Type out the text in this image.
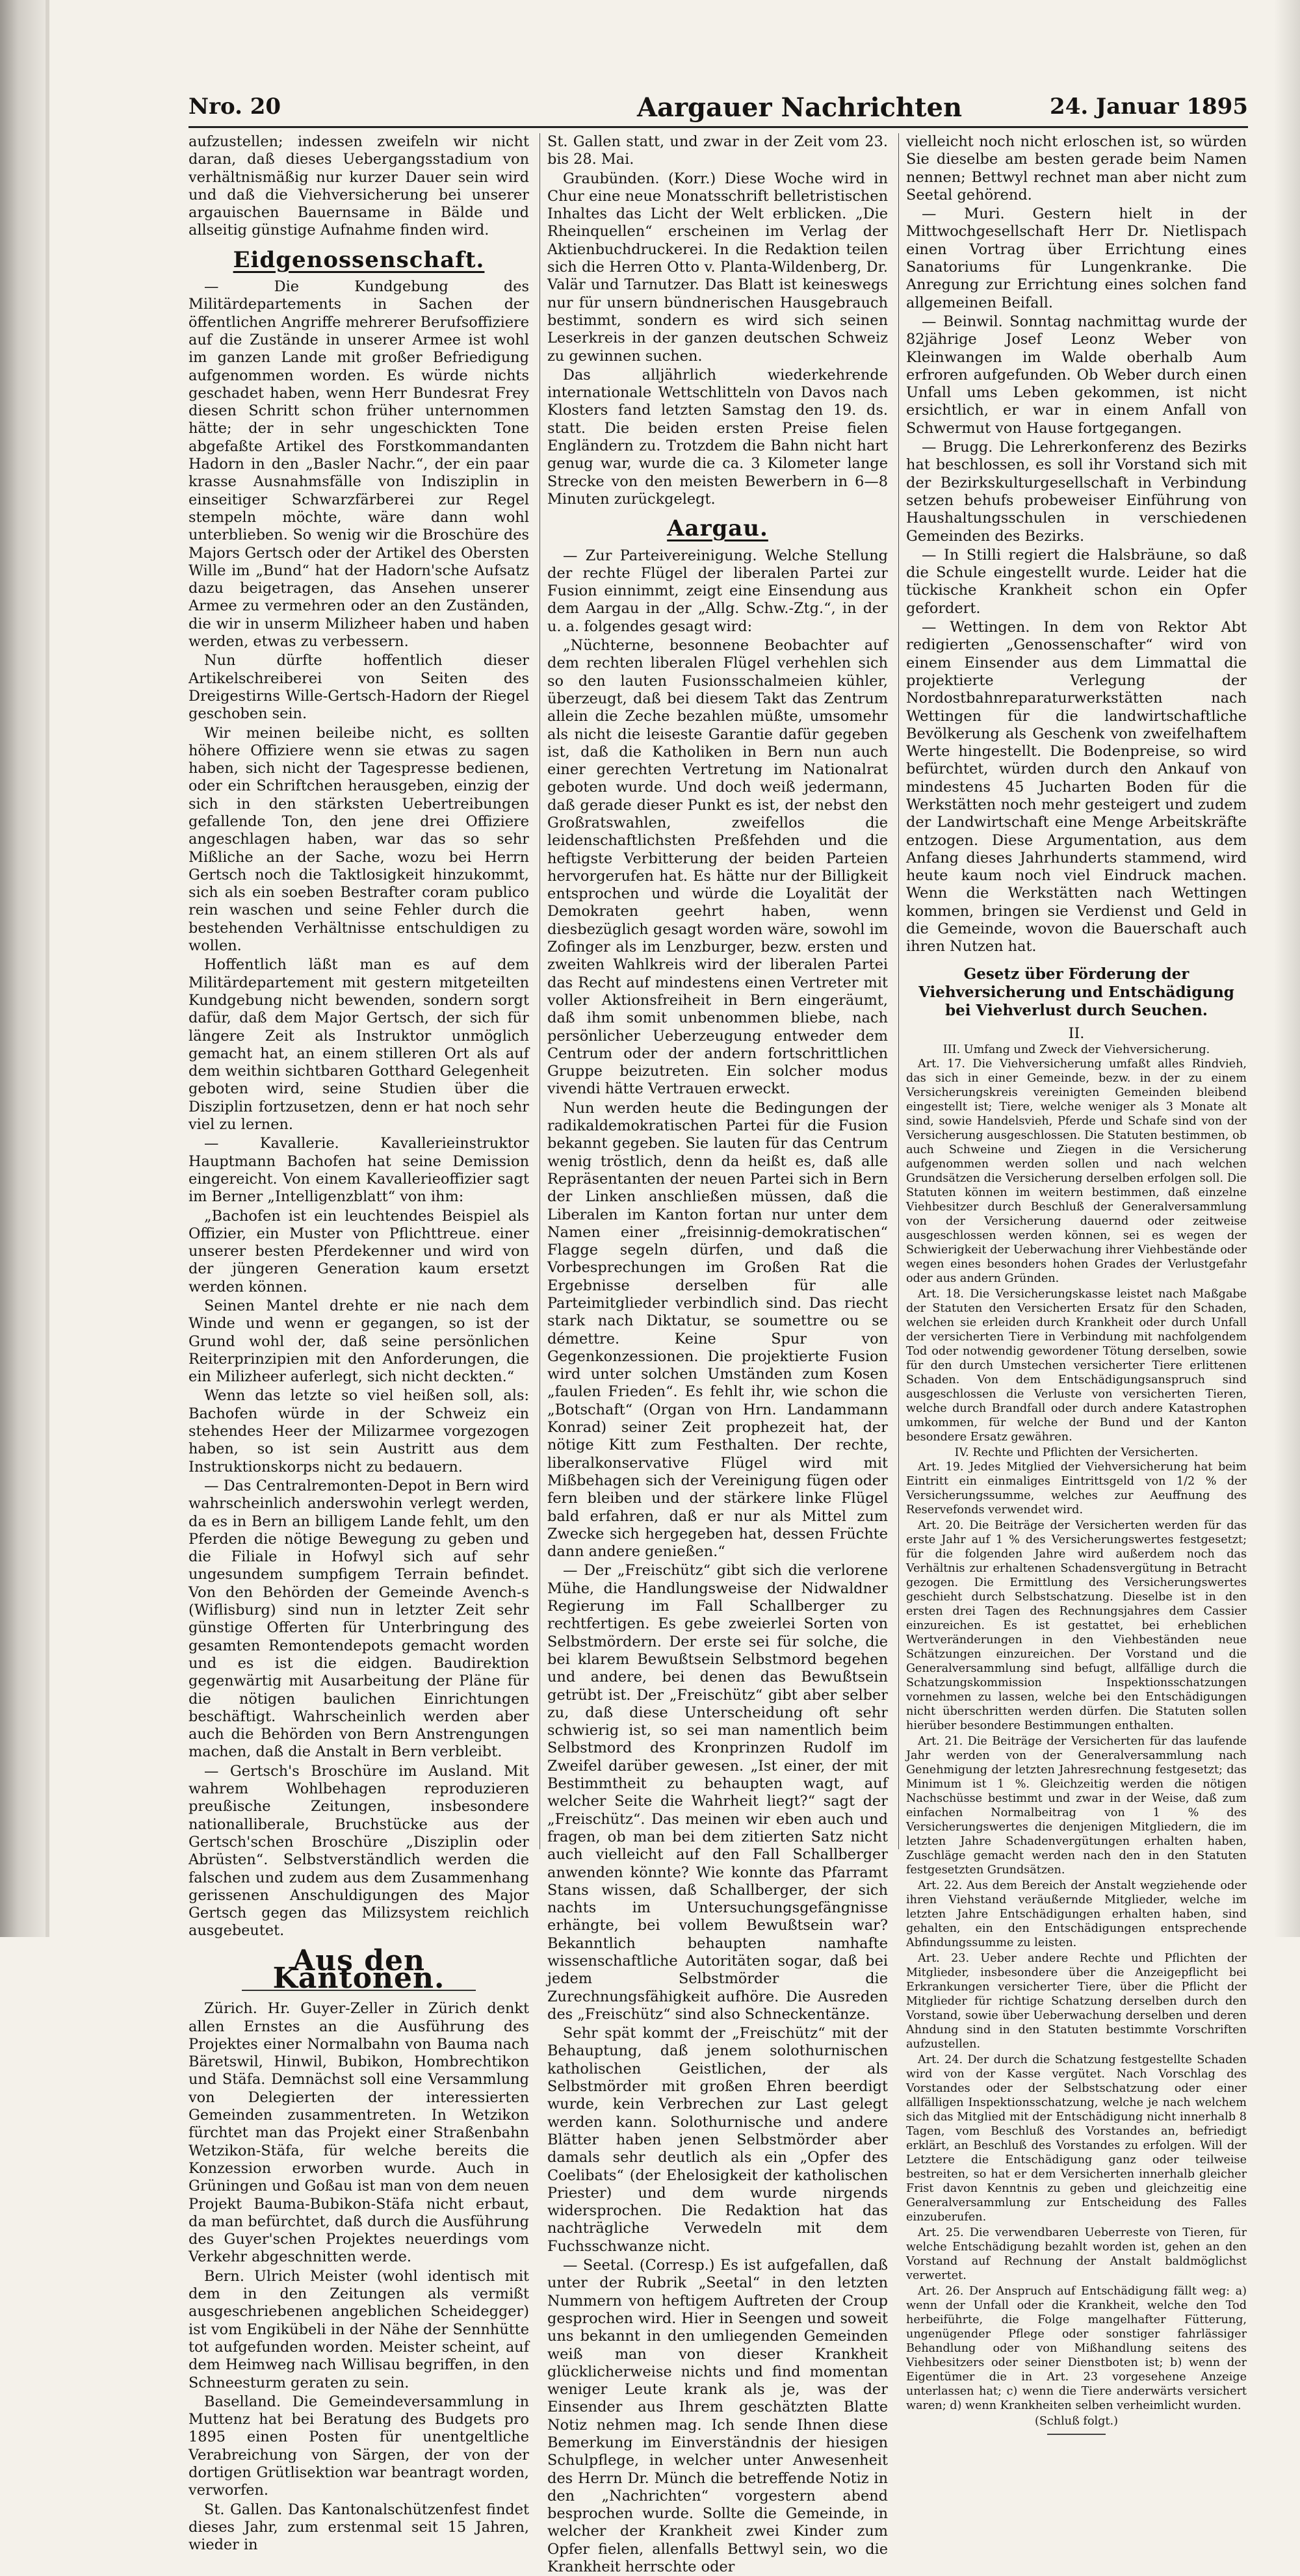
Nro. 20	Aargauer Nachrichten	24. Januar 1895

aufzustellen; indessen zweifeln wir nicht daran, daß dieses Uebergangsstadium von verhältnismäßig nur kurzer Dauer sein wird und daß die Viehversicherung bei unserer argauischen Bauernsame in Bälde und allseitig günstige Aufnahme finden wird.

Eidgenossenschaft.

— Die Kundgebung des Militärdepartements in Sachen der öffentlichen Angriffe mehrerer Berufsoffiziere auf die Zustände in unserer Armee ist wohl im ganzen Lande mit großer Befriedigung aufgenommen worden. Es würde nichts geschadet haben, wenn Herr Bundesrat Frey diesen Schritt schon früher unternommen hätte; der in sehr ungeschickten Tone abgefaßte Artikel des Forstkommandanten Hadorn in den „Basler Nachr.“, der ein paar krasse Ausnahmsfälle von Indisziplin in einseitiger Schwarzfärberei zur Regel stempeln möchte, wäre dann wohl unterblieben. So wenig wir die Broschüre des Majors Gertsch oder der Artikel des Obersten Wille im „Bund“ hat der Hadorn'sche Aufsatz dazu beigetragen, das Ansehen unserer Armee zu vermehren oder an den Zuständen, die wir in unserm Milizheer haben und haben werden, etwas zu verbessern.

Nun dürfte hoffentlich dieser Artikelschreiberei von Seiten des Dreigestirns Wille-Gertsch-Hadorn der Riegel geschoben sein.

Wir meinen beileibe nicht, es sollten höhere Offiziere wenn sie etwas zu sagen haben, sich nicht der Tagespresse bedienen, oder ein Schriftchen herausgeben, einzig der sich in den stärksten Uebertreibungen gefallende Ton, den jene drei Offiziere angeschlagen haben, war das so sehr Mißliche an der Sache, wozu bei Herrn Gertsch noch die Taktlosigkeit hinzukommt, sich als ein soeben Bestrafter coram publico rein waschen und seine Fehler durch die bestehenden Verhältnisse entschuldigen zu wollen.

Hoffentlich läßt man es auf dem Militärdepartement mit gestern mitgeteilten Kundgebung nicht bewenden, sondern sorgt dafür, daß dem Major Gertsch, der sich für längere Zeit als Instruktor unmöglich gemacht hat, an einem stilleren Ort als auf dem weithin sichtbaren Gotthard Gelegenheit geboten wird, seine Studien über die Disziplin fortzusetzen, denn er hat noch sehr viel zu lernen.

— Kavallerie. Kavallerieinstruktor Hauptmann Bachofen hat seine Demission eingereicht. Von einem Kavallerieoffizier sagt im Berner „Intelligenzblatt“ von ihm:

„Bachofen ist ein leuchtendes Beispiel als Offizier, ein Muster von Pflichttreue. einer unserer besten Pferdekenner und wird von der jüngeren Generation kaum ersetzt werden können.

Seinen Mantel drehte er nie nach dem Winde und wenn er gegangen, so ist der Grund wohl der, daß seine persönlichen Reiterprinzipien mit den Anforderungen, die ein Milizheer auferlegt, sich nicht deckten.“

Wenn das letzte so viel heißen soll, als: Bachofen würde in der Schweiz ein stehendes Heer der Milizarmee vorgezogen haben, so ist sein Austritt aus dem Instruktionskorps nicht zu bedauern.

— Das Centralremonten-Depot in Bern wird wahrscheinlich anderswohin verlegt werden, da es in Bern an billigem Lande fehlt, um den Pferden die nötige Bewegung zu geben und die Filiale in Hofwyl sich auf sehr ungesundem sumpfigem Terrain befindet. Von den Behörden der Gemeinde Avench-s (Wiflisburg) sind nun in letzter Zeit sehr günstige Offerten für Unterbringung des gesamten Remontendepots gemacht worden und es ist die eidgen. Baudirektion gegenwärtig mit Ausarbeitung der Pläne für die nötigen baulichen Einrichtungen beschäftigt. Wahrscheinlich werden aber auch die Behörden von Bern Anstrengungen machen, daß die Anstalt in Bern verbleibt.

— Gertsch's Broschüre im Ausland. Mit wahrem Wohlbehagen reproduzieren preußische Zeitungen, insbesondere nationalliberale, Bruchstücke aus der Gertsch'schen Broschüre „Disziplin oder Abrüsten“. Selbstverständlich werden die falschen und zudem aus dem Zusammenhang gerissenen Anschuldigungen des Major Gertsch gegen das Milizsystem reichlich ausgebeutet.

Aus den Kantonen.

Zürich. Hr. Guyer-Zeller in Zürich denkt allen Ernstes an die Ausführung des Projektes einer Normalbahn von Bauma nach Bäretswil, Hinwil, Bubikon, Hombrechtikon und Stäfa. Demnächst soll eine Versammlung von Delegierten der interessierten Gemeinden zusammentreten. In Wetzikon fürchtet man das Projekt einer Straßenbahn Wetzikon-Stäfa, für welche bereits die Konzession erworben wurde. Auch in Grüningen und Goßau ist man von dem neuen Projekt Bauma-Bubikon-Stäfa nicht erbaut, da man befürchtet, daß durch die Ausführung des Guyer'schen Projektes neuerdings vom Verkehr abgeschnitten werde.

Bern. Ulrich Meister (wohl identisch mit dem in den Zeitungen als vermißt ausgeschriebenen angeblichen Scheidegger) ist vom Engikübeli in der Nähe der Sennhütte tot aufgefunden worden. Meister scheint, auf dem Heimweg nach Willisau begriffen, in den Schneesturm geraten zu sein.

Baselland. Die Gemeindeversammlung in Muttenz hat bei Beratung des Budgets pro 1895 einen Posten für unentgeltliche Verabreichung von Särgen, der von der dortigen Grütlisektion war beantragt worden, verworfen.

St. Gallen. Das Kantonalschützenfest findet dieses Jahr, zum erstenmal seit 15 Jahren, wieder in

St. Gallen statt, und zwar in der Zeit vom 23. bis 28. Mai.

Graubünden. (Korr.) Diese Woche wird in Chur eine neue Monatsschrift belletristischen Inhaltes das Licht der Welt erblicken. „Die Rheinquellen“ erscheinen im Verlag der Aktienbuchdruckerei. In die Redaktion teilen sich die Herren Otto v. Planta-Wildenberg, Dr. Valär und Tarnutzer. Das Blatt ist keineswegs nur für unsern bündnerischen Hausgebrauch bestimmt, sondern es wird sich seinen Leserkreis in der ganzen deutschen Schweiz zu gewinnen suchen.

Das alljährlich wiederkehrende internationale Wettschlitteln von Davos nach Klosters fand letzten Samstag den 19. ds. statt. Die beiden ersten Preise fielen Engländern zu. Trotzdem die Bahn nicht hart genug war, wurde die ca. 3 Kilometer lange Strecke von den meisten Bewerbern in 6—8 Minuten zurückgelegt.

Aargau.

— Zur Parteivereinigung. Welche Stellung der rechte Flügel der liberalen Partei zur Fusion einnimmt, zeigt eine Einsendung aus dem Aargau in der „Allg. Schw.-Ztg.“, in der u. a. folgendes gesagt wird:

„Nüchterne, besonnene Beobachter auf dem rechten liberalen Flügel verhehlen sich so den lauten Fusionsschalmeien kühler, überzeugt, daß bei diesem Takt das Zentrum allein die Zeche bezahlen müßte, umsomehr als nicht die leiseste Garantie dafür gegeben ist, daß die Katholiken in Bern nun auch einer gerechten Vertretung im Nationalrat geboten wurde. Und doch weiß jedermann, daß gerade dieser Punkt es ist, der nebst den Großratswahlen, zweifellos die leidenschaftlichsten Preßfehden und die heftigste Verbitterung der beiden Parteien hervorgerufen hat. Es hätte nur der Billigkeit entsprochen und würde die Loyalität der Demokraten geehrt haben, wenn diesbezüglich gesagt worden wäre, sowohl im Zofinger als im Lenzburger, bezw. ersten und zweiten Wahlkreis wird der liberalen Partei das Recht auf mindestens einen Vertreter mit voller Aktionsfreiheit in Bern eingeräumt, daß ihm somit unbenommen bliebe, nach persönlicher Ueberzeugung entweder dem Centrum oder der andern fortschrittlichen Gruppe beizutreten. Ein solcher modus vivendi hätte Vertrauen erweckt.

Nun werden heute die Bedingungen der radikaldemokratischen Partei für die Fusion bekannt gegeben. Sie lauten für das Centrum wenig tröstlich, denn da heißt es, daß alle Repräsentanten der neuen Partei sich in Bern der Linken anschließen müssen, daß die Liberalen im Kanton fortan nur unter dem Namen einer „freisinnig-demokratischen“ Flagge segeln dürfen, und daß die Vorbesprechungen im Großen Rat die Ergebnisse derselben für alle Parteimitglieder verbindlich sind. Das riecht stark nach Diktatur, se soumettre ou se démettre. Keine Spur von Gegenkonzessionen. Die projektierte Fusion wird unter solchen Umständen zum Kosen „faulen Frieden“. Es fehlt ihr, wie schon die „Botschaft“ (Organ von Hrn. Landammann Konrad) seiner Zeit prophezeit hat, der nötige Kitt zum Festhalten. Der rechte, liberalkonservative Flügel wird mit Mißbehagen sich der Vereinigung fügen oder fern bleiben und der stärkere linke Flügel bald erfahren, daß er nur als Mittel zum Zwecke sich hergegeben hat, dessen Früchte dann andere genießen.“

— Der „Freischütz“ gibt sich die verlorene Mühe, die Handlungsweise der Nidwaldner Regierung im Fall Schallberger zu rechtfertigen. Es gebe zweierlei Sorten von Selbstmördern. Der erste sei für solche, die bei klarem Bewußtsein Selbstmord begehen und andere, bei denen das Bewußtsein getrübt ist. Der „Freischütz“ gibt aber selber zu, daß diese Unterscheidung oft sehr schwierig ist, so sei man namentlich beim Selbstmord des Kronprinzen Rudolf im Zweifel darüber gewesen. „Ist einer, der mit Bestimmtheit zu behaupten wagt, auf welcher Seite die Wahrheit liegt?“ sagt der „Freischütz“. Das meinen wir eben auch und fragen, ob man bei dem zitierten Satz nicht auch vielleicht auf den Fall Schallberger anwenden könnte? Wie konnte das Pfarramt Stans wissen, daß Schallberger, der sich nachts im Untersuchungsgefängnisse erhängte, bei vollem Bewußtsein war? Bekanntlich behaupten namhafte wissenschaftliche Autoritäten sogar, daß bei jedem Selbstmörder die Zurechnungsfähigkeit aufhöre. Die Ausreden des „Freischütz“ sind also Schneckentänze.

Sehr spät kommt der „Freischütz“ mit der Behauptung, daß jenem solothurnischen katholischen Geistlichen, der als Selbstmörder mit großen Ehren beerdigt wurde, kein Verbrechen zur Last gelegt werden kann. Solothurnische und andere Blätter haben jenen Selbstmörder aber damals sehr deutlich als ein „Opfer des Coelibats“ (der Ehelosigkeit der katholischen Priester) und dem wurde nirgends widersprochen. Die Redaktion hat das nachträgliche Verwedeln mit dem Fuchsschwanze nicht.

— Seetal. (Corresp.) Es ist aufgefallen, daß unter der Rubrik „Seetal“ in den letzten Nummern von heftigem Auftreten der Croup gesprochen wird. Hier in Seengen und soweit uns bekannt in den umliegenden Gemeinden weiß man von dieser Krankheit glücklicherweise nichts und find momentan weniger Leute krank als je, was der Einsender aus Ihrem geschätzten Blatte Notiz nehmen mag. Ich sende Ihnen diese Bemerkung im Einverständnis der hiesigen Schulpflege, in welcher unter Anwesenheit des Herrn Dr. Münch die betreffende Notiz in den „Nachrichten“ vorgestern abend besprochen wurde. Sollte die Gemeinde, in welcher der Krankheit zwei Kinder zum Opfer fielen, allenfalls Bettwyl sein, wo die Krankheit herrschte oder

vielleicht noch nicht erloschen ist, so würden Sie dieselbe am besten gerade beim Namen nennen; Bettwyl rechnet man aber nicht zum Seetal gehörend.

— Muri. Gestern hielt in der Mittwochgesellschaft Herr Dr. Nietlispach einen Vortrag über Errichtung eines Sanatoriums für Lungenkranke. Die Anregung zur Errichtung eines solchen fand allgemeinen Beifall.

— Beinwil. Sonntag nachmittag wurde der 82jährige Josef Leonz Weber von Kleinwangen im Walde oberhalb Aum erfroren aufgefunden. Ob Weber durch einen Unfall ums Leben gekommen, ist nicht ersichtlich, er war in einem Anfall von Schwermut von Hause fortgegangen.

— Brugg. Die Lehrerkonferenz des Bezirks hat beschlossen, es soll ihr Vorstand sich mit der Bezirkskulturgesellschaft in Verbindung setzen behufs probeweiser Einführung von Haushaltungsschulen in verschiedenen Gemeinden des Bezirks.

— In Stilli regiert die Halsbräune, so daß die Schule eingestellt wurde. Leider hat die tückische Krankheit schon ein Opfer gefordert.

— Wettingen. In dem von Rektor Abt redigierten „Genossenschafter“ wird von einem Einsender aus dem Limmattal die projektierte Verlegung der Nordostbahnreparaturwerkstätten nach Wettingen für die landwirtschaftliche Bevölkerung als Geschenk von zweifelhaftem Werte hingestellt. Die Bodenpreise, so wird befürchtet, würden durch den Ankauf von mindestens 45 Jucharten Boden für die Werkstätten noch mehr gesteigert und zudem der Landwirtschaft eine Menge Arbeitskräfte entzogen. Diese Argumentation, aus dem Anfang dieses Jahrhunderts stammend, wird heute kaum noch viel Eindruck machen. Wenn die Werkstätten nach Wettingen kommen, bringen sie Verdienst und Geld in die Gemeinde, wovon die Bauerschaft auch ihren Nutzen hat.

Gesetz über Förderung der Viehversicherung und Entschädigung bei Viehverlust durch Seuchen.
II.
III. Umfang und Zweck der Viehversicherung.

Art. 17. Die Viehversicherung umfaßt alles Rindvieh, das sich in einer Gemeinde, bezw. in der zu einem Versicherungskreis vereinigten Gemeinden bleibend eingestellt ist; Tiere, welche weniger als 3 Monate alt sind, sowie Handelsvieh, Pferde und Schafe sind von der Versicherung ausgeschlossen. Die Statuten bestimmen, ob auch Schweine und Ziegen in die Versicherung aufgenommen werden sollen und nach welchen Grundsätzen die Versicherung derselben erfolgen soll. Die Statuten können im weitern bestimmen, daß einzelne Viehbesitzer durch Beschluß der Generalversammlung von der Versicherung dauernd oder zeitweise ausgeschlossen werden können, sei es wegen der Schwierigkeit der Ueberwachung ihrer Viehbestände oder wegen eines besonders hohen Grades der Verlustgefahr oder aus andern Gründen.

Art. 18. Die Versicherungskasse leistet nach Maßgabe der Statuten den Versicherten Ersatz für den Schaden, welchen sie erleiden durch Krankheit oder durch Unfall der versicherten Tiere in Verbindung mit nachfolgendem Tod oder notwendig gewordener Tötung derselben, sowie für den durch Umstechen versicherter Tiere erlittenen Schaden. Von dem Entschädigungsanspruch sind ausgeschlossen die Verluste von versicherten Tieren, welche durch Brandfall oder durch andere Katastrophen umkommen, für welche der Bund und der Kanton besondere Ersatz gewähren.

IV. Rechte und Pflichten der Versicherten.

Art. 19. Jedes Mitglied der Viehversicherung hat beim Eintritt ein einmaliges Eintrittsgeld von 1/2 % der Versicherungssumme, welches zur Aeuffnung des Reservefonds verwendet wird.

Art. 20. Die Beiträge der Versicherten werden für das erste Jahr auf 1 % des Versicherungswertes festgesetzt; für die folgenden Jahre wird außerdem noch das Verhältnis zur erhaltenen Schadensvergütung in Betracht gezogen. Die Ermittlung des Versicherungswertes geschieht durch Selbstschatzung. Dieselbe ist in den ersten drei Tagen des Rechnungsjahres dem Cassier einzureichen. Es ist gestattet, bei erheblichen Wertveränderungen in den Viehbeständen neue Schätzungen einzureichen. Der Vorstand und die Generalversammlung sind befugt, allfällige durch die Schatzungskommission Inspektionsschatzungen vornehmen zu lassen, welche bei den Entschädigungen nicht überschritten werden dürfen. Die Statuten sollen hierüber besondere Bestimmungen enthalten.

Art. 21. Die Beiträge der Versicherten für das laufende Jahr werden von der Generalversammlung nach Genehmigung der letzten Jahresrechnung festgesetzt; das Minimum ist 1 %. Gleichzeitig werden die nötigen Nachschüsse bestimmt und zwar in der Weise, daß zum einfachen Normalbeitrag von 1 % des Versicherungswertes die denjenigen Mitgliedern, die im letzten Jahre Schadenvergütungen erhalten haben, Zuschläge gemacht werden nach den in den Statuten festgesetzten Grundsätzen.

Art. 22. Aus dem Bereich der Anstalt wegziehende oder ihren Viehstand veräußernde Mitglieder, welche im letzten Jahre Entschädigungen erhalten haben, sind gehalten, ein den Entschädigungen entsprechende Abfindungssumme zu leisten.

Art. 23. Ueber andere Rechte und Pflichten der Mitglieder, insbesondere über die Anzeigepflicht bei Erkrankungen versicherter Tiere, über die Pflicht der Mitglieder für richtige Schatzung derselben durch den Vorstand, sowie über Ueberwachung derselben und deren Ahndung sind in den Statuten bestimmte Vorschriften aufzustellen.

Art. 24. Der durch die Schatzung festgestellte Schaden wird von der Kasse vergütet. Nach Vorschlag des Vorstandes oder der Selbstschatzung oder einer allfälligen Inspektionsschatzung, welche je nach welchem sich das Mitglied mit der Entschädigung nicht innerhalb 8 Tagen, vom Beschluß des Vorstandes an, befriedigt erklärt, an Beschluß des Vorstandes zu erfolgen. Will der Letztere die Entschädigung ganz oder teilweise bestreiten, so hat er dem Versicherten innerhalb gleicher Frist davon Kenntnis zu geben und gleichzeitig eine Generalversammlung zur Entscheidung des Falles einzuberufen.

Art. 25. Die verwendbaren Ueberreste von Tieren, für welche Entschädigung bezahlt worden ist, gehen an den Vorstand auf Rechnung der Anstalt baldmöglichst verwertet.

Art. 26. Der Anspruch auf Entschädigung fällt weg: a) wenn der Unfall oder die Krankheit, welche den Tod herbeiführte, die Folge mangelhafter Fütterung, ungenügender Pflege oder sonstiger fahrlässiger Behandlung oder von Mißhandlung seitens des Viehbesitzers oder seiner Dienstboten ist; b) wenn der Eigentümer die in Art. 23 vorgesehene Anzeige unterlassen hat; c) wenn die Tiere anderwärts versichert waren; d) wenn Krankheiten selben verheimlicht wurden.

(Schluß folgt.)
